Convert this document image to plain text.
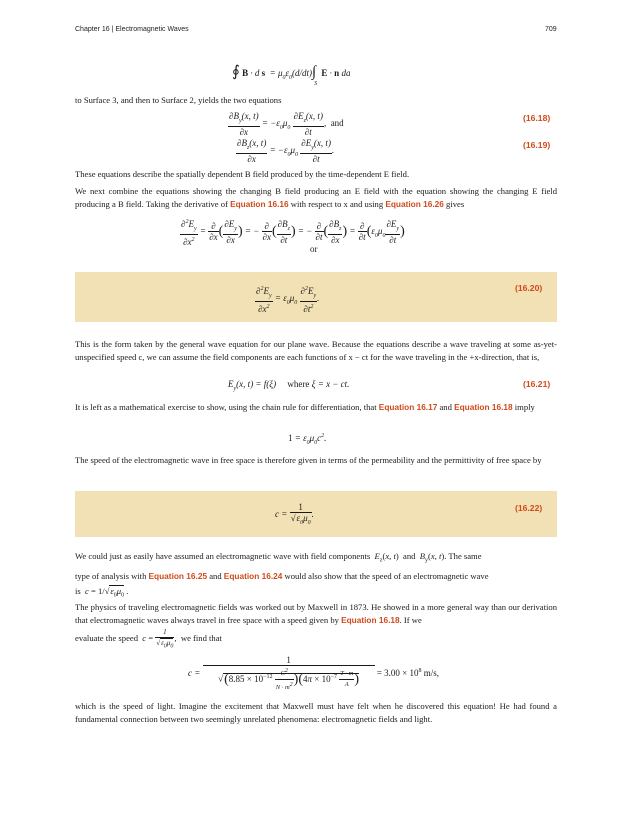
Chapter 16 | Electromagnetic Waves	709
∮ B · d $s = \mu_0\varepsilon_0(d/dt)\int_S$ E · n da
to Surface 3, and then to Surface 2, yields the two equations
$\frac{\partial B_y(x, t)}{\partial x} = -\varepsilon_0\mu_0 \frac{\partial E_z(x, t)}{\partial t}$ ,  and	(16.18)
$\frac{\partial B_z(x, t)}{\partial x} = -\varepsilon_0\mu_0 \frac{\partial E_y(x, t)}{\partial t}$ .	(16.19)
These equations describe the spatially dependent B field produced by the time-dependent E field.
We next combine the equations showing the changing B field producing an E field with the equation showing the changing E field producing a B field. Taking the derivative of Equation 16.16 with respect to x and using Equation 16.26 gives
$\frac{\partial^2E_y}{\partial x^2} = \frac{\partial}{\partial x}$ ( $\frac{\partial E_y}{\partial x}$ ) = − $\frac{\partial}{\partial x}$ ( $\frac{\partial B_z}{\partial t}$ ) = − $\frac{\partial}{\partial t}$ ( $\frac{\partial B_z}{\partial x}$ ) = $\frac{\partial}{\partial t} (\varepsilon_0\mu_0 \frac{\partial E_y}{\partial t}$ )
or
$\frac{\partial^2E_y}{\partial x^2} = \varepsilon_0\mu_0 \frac{\partial^2E_y}{\partial t^2}$ .
(16.20)
This is the form taken by the general wave equation for our plane wave. Because the equations describe a wave traveling at some as-yet-unspecified speed c, we can assume the field components are each functions of x − ct for the wave traveling in the +x-direction, that is,
$E_y(x$, t) = f(ξ)     where ξ = x − ct.	(16.21)
It is left as a mathematical exercise to show, using the chain rule for differentiation, that Equation 16.17 and Equation 16.18 imply
$1 = \varepsilon_0\mu_0c^2$.
The speed of the electromagnetic wave in free space is therefore given in terms of the permeability and the permittivity of free space by
$c = \frac{1}{√\varepsilon_0\mu_0}$ .
(16.22)
We could just as easily have assumed an electromagnetic wave with field components $E_z(x$, t)  and $B_y(x$, t). The same
type of analysis with Equation 16.25 and Equation 16.24 would also show that the speed of an electromagnetic wave
is $c = 1/√\varepsilon_0\mu_0$ .
The physics of traveling electromagnetic fields was worked out by Maxwell in 1873. He showed in a more general way than our derivation that electromagnetic waves always travel in free space with a speed given by Equation 16.18. If we
evaluate the speed $c = \frac{1}{√\varepsilon_0\mu_0}$ ,  we find that
$c = \frac{1}{√(8.85 \times 10^{-12} \frac{C^2}{N \cdot m^2} )(4\pi \times 10^{-7} \frac{T \cdot m}{A} )} = 3.00 \times 10^8$ m/s,
which is the speed of light. Imagine the excitement that Maxwell must have felt when he discovered this equation! He had found a fundamental connection between two seemingly unrelated phenomena: electromagnetic fields and light.
